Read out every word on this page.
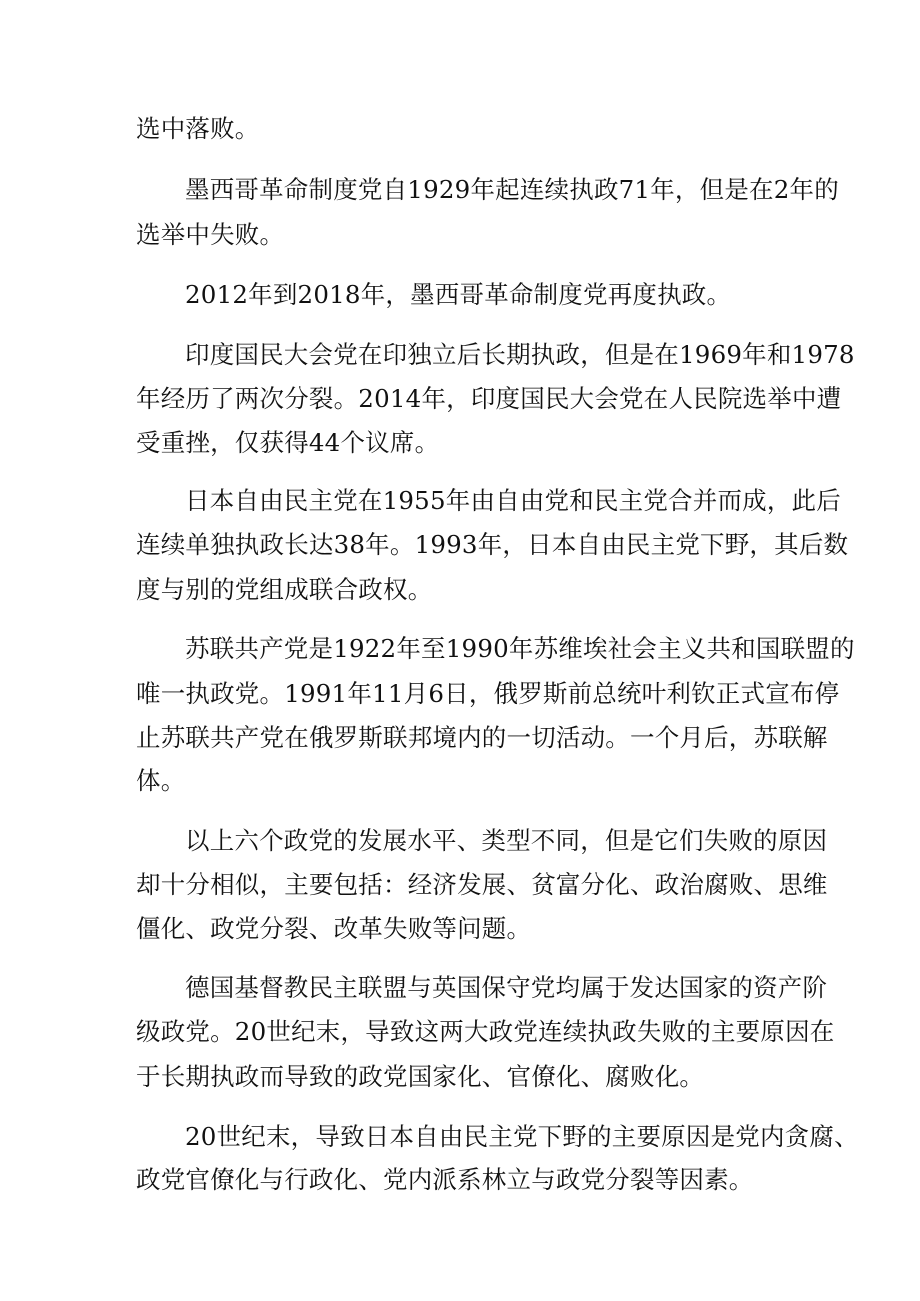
选中落败。
墨西哥革命制度党自1929年起连续执政71年，但是在2年的
选举中失败。
2012年到2018年，墨西哥革命制度党再度执政。
印度国民大会党在印独立后长期执政，但是在1969年和1978
年经历了两次分裂。2014年，印度国民大会党在人民院选举中遭
受重挫，仅获得44个议席。
日本自由民主党在1955年由自由党和民主党合并而成，此后
连续单独执政长达38年。1993年，日本自由民主党下野，其后数
度与别的党组成联合政权。
苏联共产党是1922年至1990年苏维埃社会主义共和国联盟的
唯一执政党。1991年11月6日，俄罗斯前总统叶利钦正式宣布停
止苏联共产党在俄罗斯联邦境内的一切活动。一个月后，苏联解
体。
以上六个政党的发展水平、类型不同，但是它们失败的原因
却十分相似，主要包括：经济发展、贫富分化、政治腐败、思维
僵化、政党分裂、改革失败等问题。
德国基督教民主联盟与英国保守党均属于发达国家的资产阶
级政党。20世纪末，导致这两大政党连续执政失败的主要原因在
于长期执政而导致的政党国家化、官僚化、腐败化。
20世纪末，导致日本自由民主党下野的主要原因是党内贪腐、
政党官僚化与行政化、党内派系林立与政党分裂等因素。
